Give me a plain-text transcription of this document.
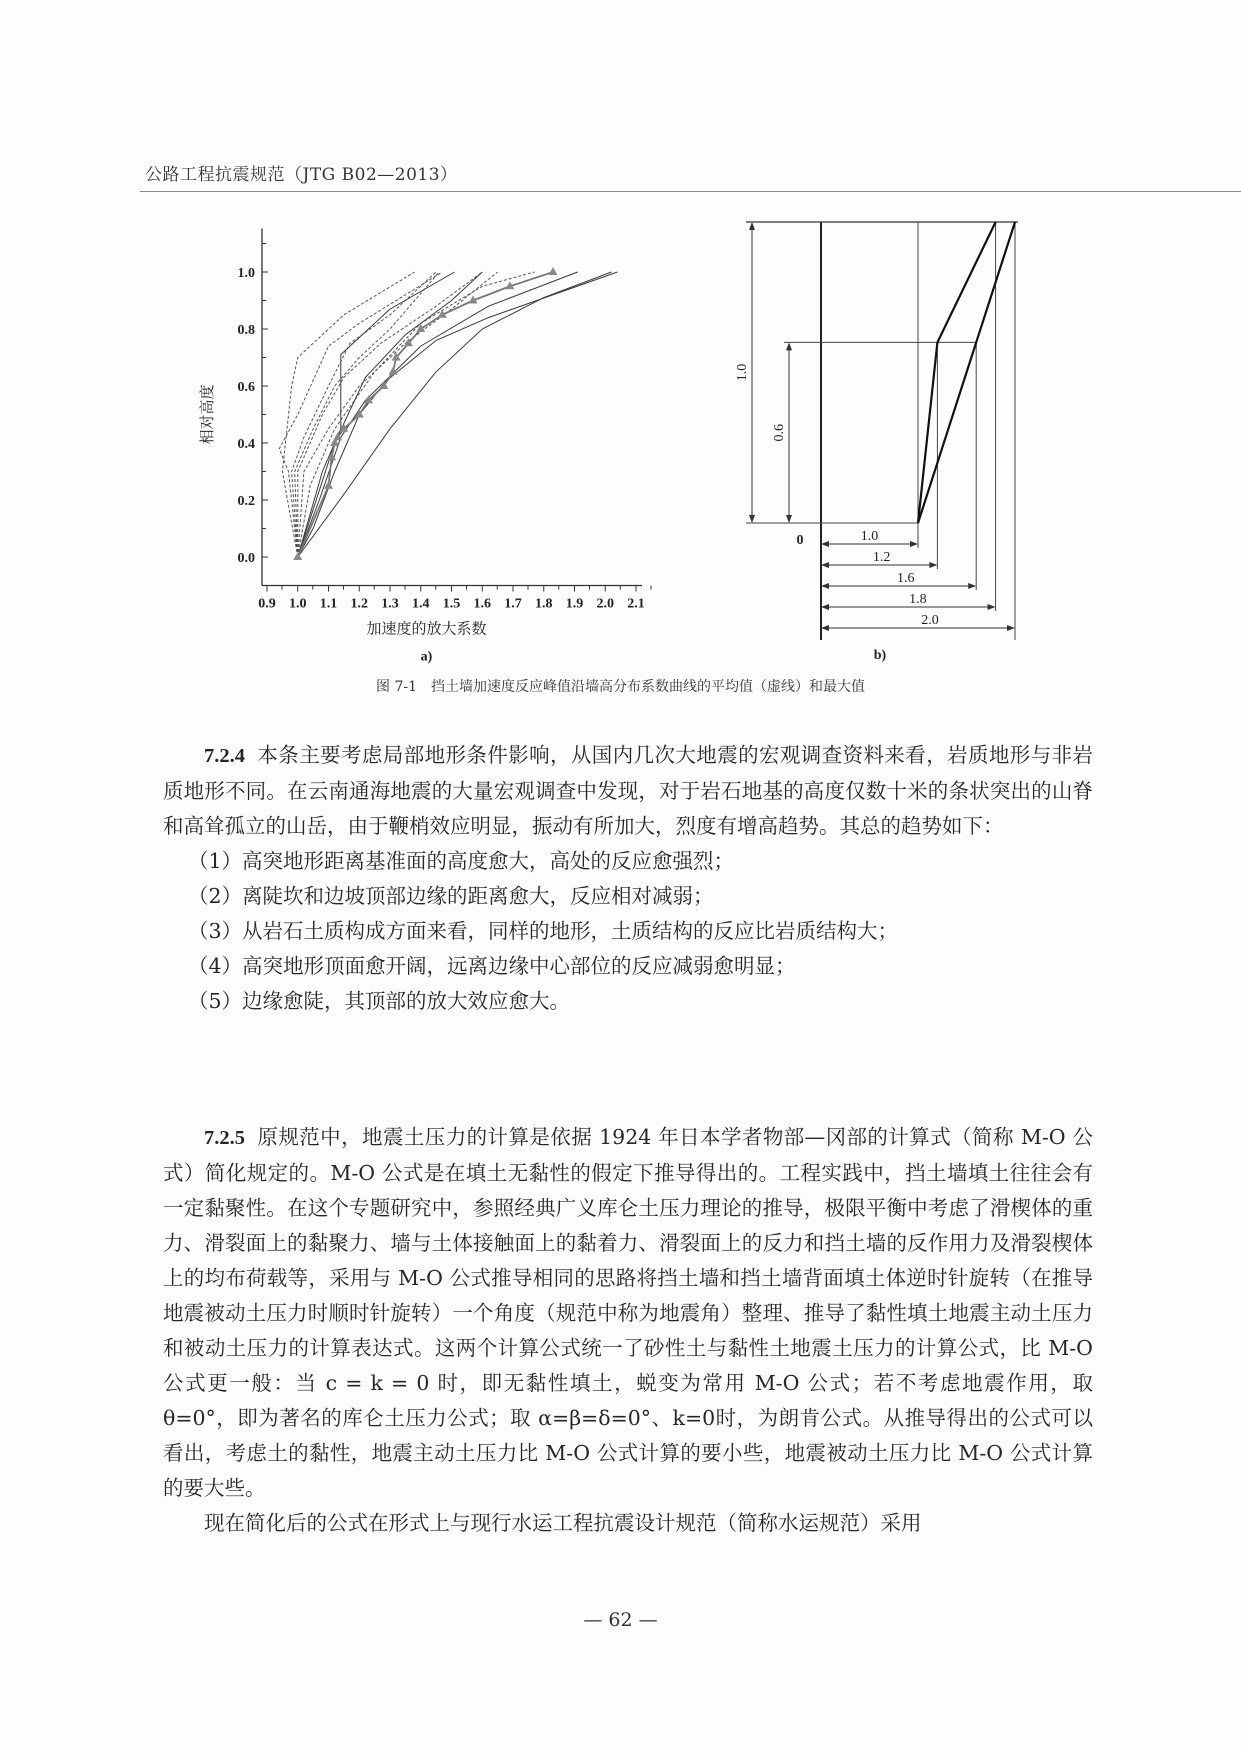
公路工程抗震规范（JTG B02—2013）
0.0
0.2
0.4
0.6
0.8
1.0
0.9 1.0 1.1 1.2 1.3 1.4 1.5 1.6 1.7 1.8 1.9 2.0 2.1
加速度的放大系数
相对高度
a)
1.0
1.2
1.6
1.8
2.0
1.0
0.6
0
b)
图 7-1　挡土墙加速度反应峰值沿墙高分布系数曲线的平均值（虚线）和最大值

7.2.4 本条主要考虑局部地形条件影响，从国内几次大地震的宏观调查资料来看，岩质地形与非岩质地形不同。在云南通海地震的大量宏观调查中发现，对于岩石地基的高度仅数十米的条状突出的山脊和高耸孤立的山岳，由于鞭梢效应明显，振动有所加大，烈度有增高趋势。其总的趋势如下：

（1）高突地形距离基准面的高度愈大，高处的反应愈强烈；

（2）离陡坎和边坡顶部边缘的距离愈大，反应相对减弱；

（3）从岩石土质构成方面来看，同样的地形，土质结构的反应比岩质结构大；

（4）高突地形顶面愈开阔，远离边缘中心部位的反应减弱愈明显；

（5）边缘愈陡，其顶部的放大效应愈大。

7.2.5 原规范中，地震土压力的计算是依据 1924 年日本学者物部—冈部的计算式（简称 M-O 公式）简化规定的。M-O 公式是在填土无黏性的假定下推导得出的。工程实践中，挡土墙填土往往会有一定黏聚性。在这个专题研究中，参照经典广义库仑土压力理论的推导，极限平衡中考虑了滑楔体的重力、滑裂面上的黏聚力、墙与土体接触面上的黏着力、滑裂面上的反力和挡土墙的反作用力及滑裂楔体上的均布荷载等，采用与 M-O 公式推导相同的思路将挡土墙和挡土墙背面填土体逆时针旋转（在推导地震被动土压力时顺时针旋转）一个角度（规范中称为地震角）整理、推导了黏性填土地震主动土压力和被动土压力的计算表达式。这两个计算公式统一了砂性土与黏性土地震土压力的计算公式，比 M-O 公式更一般：当 c = k = 0 时，即无黏性填土，蜕变为常用 M-O 公式；若不考虑地震作用，取 θ=0°，即为著名的库仑土压力公式；取 α=β=δ=0°、k=0时，为朗肯公式。从推导得出的公式可以看出，考虑土的黏性，地震主动土压力比 M-O 公式计算的要小些，地震被动土压力比 M-O 公式计算的要大些。

现在简化后的公式在形式上与现行水运工程抗震设计规范（简称水运规范）采用

— 62 —
